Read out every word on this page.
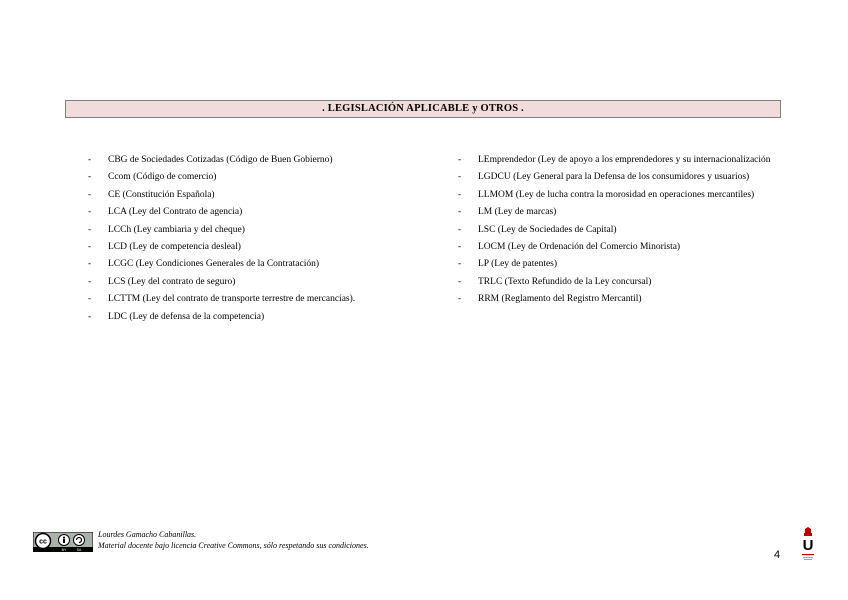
. LEGISLACIÓN APLICABLE y OTROS .
- CBG de Sociedades Cotizadas (Código de Buen Gobierno)
- Ccom (Código de comercio)
- CE (Constitución Española)
- LCA (Ley del Contrato de agencia)
- LCCh (Ley cambiaria y del cheque)
- LCD (Ley de competencia desleal)
- LCGC (Ley Condiciones Generales de la Contratación)
- LCS (Ley del contrato de seguro)
- LCTTM (Ley del contrato de transporte terrestre de mercancías).
- LDC (Ley de defensa de la competencia)
- LEmprendedor (Ley de apoyo a los emprendedores y su internacionalización
- LGDCU (Ley General para la Defensa de los consumidores y usuarios)
- LLMOM (Ley de lucha contra la morosidad en operaciones mercantiles)
- LM (Ley de marcas)
- LSC (Ley de Sociedades de Capital)
- LOCM (Ley de Ordenación del Comercio Minorista)
- LP (Ley de patentes)
- TRLC (Texto Refundido de la Ley concursal)
- RRM (Reglamento del Registro Mercantil)
cc
BY	SA
Lourdes Gamacho Cabanillas.
Material docente bajo licencia Creative Commons, sólo respetando sus condiciones.
4
U
